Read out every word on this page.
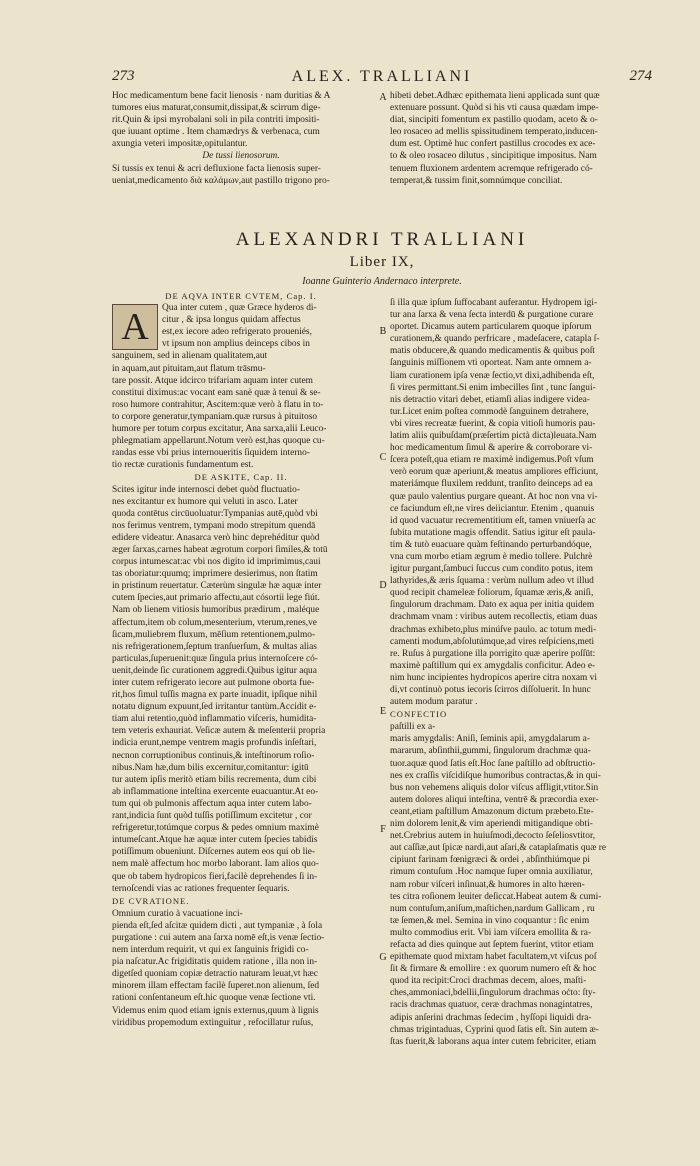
273	ALEX. TRALLIANI	274

Hoc medicamentum bene facit lienosis · nam duritias & A

tumores eius maturat,consumit,dissipat,& scirrum dige-

rit.Quin & ipsi myrobalani soli in pila contriti impositi-

que iuuant optime . Item chamædrys & verbenaca, cum

axungia veteri impositæ,opitulantur.

De tussi lienosorum.

Si tussis ex tenui & acri defluxione facta lienosis super-

ueniat,medicamento διὰ καλάμων,aut pastillo trigono pro-

hibeti debet.Adhæc epithemata lieni applicada sunt quæ

extenuare possunt. Quòd si his vti causa quædam impe-

diat, sincipiti fomentum ex pastillo quodam, aceto & o-

leo rosaceo ad mellis spissitudinem temperato,inducen-

dum est. Optimè huc confert pastillus crocodes ex ace-

to & oleo rosaceo dilutus , sincipitique impositus. Nam

tenuem fluxionem ardentem acremque refrigerado có-

temperat,& tussim finit,somnúmque conciliat.

ALEXANDRI TRALLIANI

Liber IX,

Ioanne Guinterio Andernaco interprete.

DE AQVA INTER CVTEM, Cap. I.

A	Qua inter cutem , quæ Græce hyderos di-

citur , & ipsa longus quidam affectus

est,ex iecore adeo refrigerato proueniés,

vt ipsum non amplius deinceps cibos in

sanguinem, sed in alienam qualitatem,aut

in aquam,aut pituitam,aut flatum trāsmu-

tare possit. Atque idcirco trifariam aquam inter cutem

constitui diximus:ac vocant eam sanè quæ à tenui & se-

roso humore contrahitur, Ascitem:quæ verò à flatu in to-

to corpore generatur,tympaniam.quæ rursus à pituitoso

humore per totum corpus excitatur, Ana sarxa,alii Leuco-

phlegmatiam appellarunt.Notum verò est,has quoque cu-

randas esse vbi prius internoueritis ſiquidem interno-

tio rectæ curationis fundamentum est.

DE ASKITE, Cap. II.

Scites igitur inde internosci debet quòd fluctuatio-

nes excitantur ex humore qui veluti in asco. Later

quoda contētus circūuoluatur:Tympanias autē,quòd vbi

nos ferimus ventrem, tympani modo strepitum quendā

edidere videatur. Anasarca verò hinc deprehéditur quòd

æger ſarxas,carnes habeat ægrotum corpori ſimiles,& totū

corpus intumescat:ac vbi nos digito id imprimimus,caui

tas oboriatur:quumq; imprimere desierimus, non ſtatim

in pristinum reuertatur. Cæterùm singulæ hæ aquæ inter

cutem ſpecies,aut primario affectu,aut cósortii lege fiút.

Nam ob lienem vitiosis humoribus prædirum , maléque

affectum,item ob colum,mesenterium, vterum,renes,ve

ſicam,muliebrem fluxum, mēſium retentionem,pulmo-

nis refrigerationem,ſeptum tranſuerſum, & multas alias

particulas,ſuperuenit:quæ ſingula prius internoſcere có-

uenit,deinde ſic curationem aggredi.Quibus igitur aqua

inter cutem refrigerato iecore aut pulmone oborta fue-

rit,hos ſimul tuſſis magna ex parte inuadit, ipſique nihil

notatu dignum expuunt,ſed irritantur tantùm.Accidit e-

tiam alui retentio,quòd inflammatio viſceris, humidita-

tem veteris exhauriat. Veſicæ autem & meſenterii propria

indicia erunt,nempe ventrem magis profundis inſeſtari,

necnon corruptionibus continuis,& inteſtinorum roſio-

nibus.Nam hæ,dum bilis excernitur,comitantur: igitū

tur autem ipſis meritò etiam bilis recrementa, dum cibi

ab inflammatione inteſtina exercente euacuantur.At eo-

tum qui ob pulmonis affectum aqua inter cutem labo-

rant,indicia ſunt quòd tuſſis potiſſimum excitetur , cor

refrigeretur,totúmque corpus & pedes omnium maximè

intumeſcant.Atque hæ aquæ inter cutem ſpecies tabidis

potiſſimum obueniunt. Diſcernes autem eos qui ob lie-

nem malè affectum hoc morbo laborant. Iam alios quo-

que ob tabem hydropicos fieri,facilè deprehendes ſi in-

ternoſcendi vias ac rationes frequenter ſequaris.

DE CVRATIONE.

Omnium curatio à vacuatione inci-

pienda eſt,ſed aſcitæ quidem dicti , aut tympaniæ , à ſola

purgatione : cui autem ana ſarxa nomē eſt,is venæ ſectio-

nem interdum requirit, vt qui ex ſanguinis frigidi co-

pia naſcatur.Ac frigiditatis quidem ratione , illa non in-

digetſed quoniam copiæ detractio naturam leuat,vt hæc

minorem illam effectam facilè ſuperet.non alienum, ſed

rationi conſentaneum eſt.hic quoque venæ ſectione vti.

Videmus enim quod etiam ignis externus,quum à lignis

viridibus propemodum extinguitur , refocillatur ruſus,

ſi illa quæ ipſum ſuffocabant auferantur. Hydropem igi-

tur ana ſarxa & vena ſecta interdū & purgatione curare

oportet. Dicamus autem particularem quoque ipſorum

curationem,& quando perfricare , madeſacere, catapla ſ-

matis obducere,& quando medicamentis & quibus poſt

ſanguinis miſſionem vti oporteat. Nam ante omnem a-

liam curationem ipſa venæ ſectio,vt dixi,adhibenda eſt,

ſi vires permittant.Si enim imbecilles ſint , tunc ſangui-

nis detractio vitari debet, etiamſi alias indigere videa-

tur.Licet enim poſtea commodè ſanguinem detrahere,

vbi vires recreatæ fuerint, & copia vitioſi humoris pau-

latim aliis quibuſdam(præſertim pictà dicta)leuata.Nam

hoc medicamentum ſimul & aperire & corroborare vi-

ſcera poteſt,qua etiam re maximè indigemus.Poſt vſum

verò eorum quæ aperiunt,& meatus ampliores efficiunt,

materiámque fluxilem reddunt, tranſito deinceps ad ea

quæ paulo valentius purgare queant. At hoc non vna vi-

ce faciundum eſt,ne vires deiiciantur. Etenim , quanuis

id quod vacuatur recrementitium eſt, tamen vniuerſa ac

ſubita mutatione magis offendit. Satius igitur eſt paula-

tim & tutò euacuare quàm feſtinando perturbandóque,

vna cum morbo etiam ægrum è medio tollere. Pulchrè

igitur purgant,ſambuci ſuccus cum condito potus, item

lathyrides,& æris ſquama : verùm nullum adeo vt illud

quod recipit chameleæ foliorum, ſquamæ æris,& aniſi,

ſingulorum drachmam. Dato ex aqua per initia quidem

drachmam vnam : viribus autem recollectis, etiam duas

drachmas exhibeto,plus minúſve paulo. ac totum medi-

camenti modum,abſolutúmque,ad vires reſpiciens,meti

re. Ruſus à purgatione illa porrigito quæ aperire poſſūt:

maximè paſtillum qui ex amygdalis conficitur. Adeo e-

nim hunc incipientes hydropicos aperire citra noxam vi

di,vt continuò potus iecoris ſcirros diſſoluerit. In hunc

autem modum paratur .

CONFECTIO

paſtilli ex a-

maris amygdalis: Aniſi, ſeminis apii, amygdalarum a-

mararum, abſinthii,gummi, ſingulorum drachmæ qua-

tuor.aquæ quod ſatis eſt.Hoc ſane paſtillo ad obſtructio-

nes ex craſſis viſcidiſque humoribus contractas,& in qui-

bus non vehemens aliquis dolor viſcus affligit,vtitor.Sin

autem dolores aliqui inteſtina, ventrē & præcordia exer-

ceant,etiam paſtillum Amazonum dictum præbeto.Ete-

nim dolorem lenit,& vim aperiendi mitigandique obti-

net.Crebrius autem in huiuſmodi,decocto ſeſeliosvtitor,

aut caſſiæ,aut ſpicæ nardi,aut aſari,& cataplaſmatis quæ re

cipiunt farinam fœnigræci & ordei , abſinthiúmque pi

rimum contuſum .Hoc namque ſuper omnia auxiliatur,

nam robur viſceri inſinuat,& humores in alto hæren-

tes citra roſionem leuiter deſiccat.Habeat autem & cumi-

num contuſum,aniſum,maſtichen,nardum Gallicam , ru

tæ ſemen,& mel. Semina in vino coquantur : ſic enim

multo commodius erit. Vbi iam viſcera emollita & ra-

refacta ad dies quinque aut ſeptem fuerint, vtitor etiam

epithemate quod mixtam habet facultatem,vt viſcus poſ

ſit & firmare & emollire : ex quorum numero eſt & hoc

quod ita recipit:Croci drachmas decem, aloes, maſti-

ches,ammoniaci,bdellii,ſingulorum drachmas oćto: ſty-

racis drachmas quatuor, ceræ drachmas nonagintatres,

adipis anſerini drachmas ſedecim , hyſſopi liquidi dra-

chmas trigintaduas, Cyprini quod ſatis eſt. Sin autem æ-

ſtas fuerit,& laborans aqua inter cutem febriciter, etiam

A
B
C
D
E
F
G
